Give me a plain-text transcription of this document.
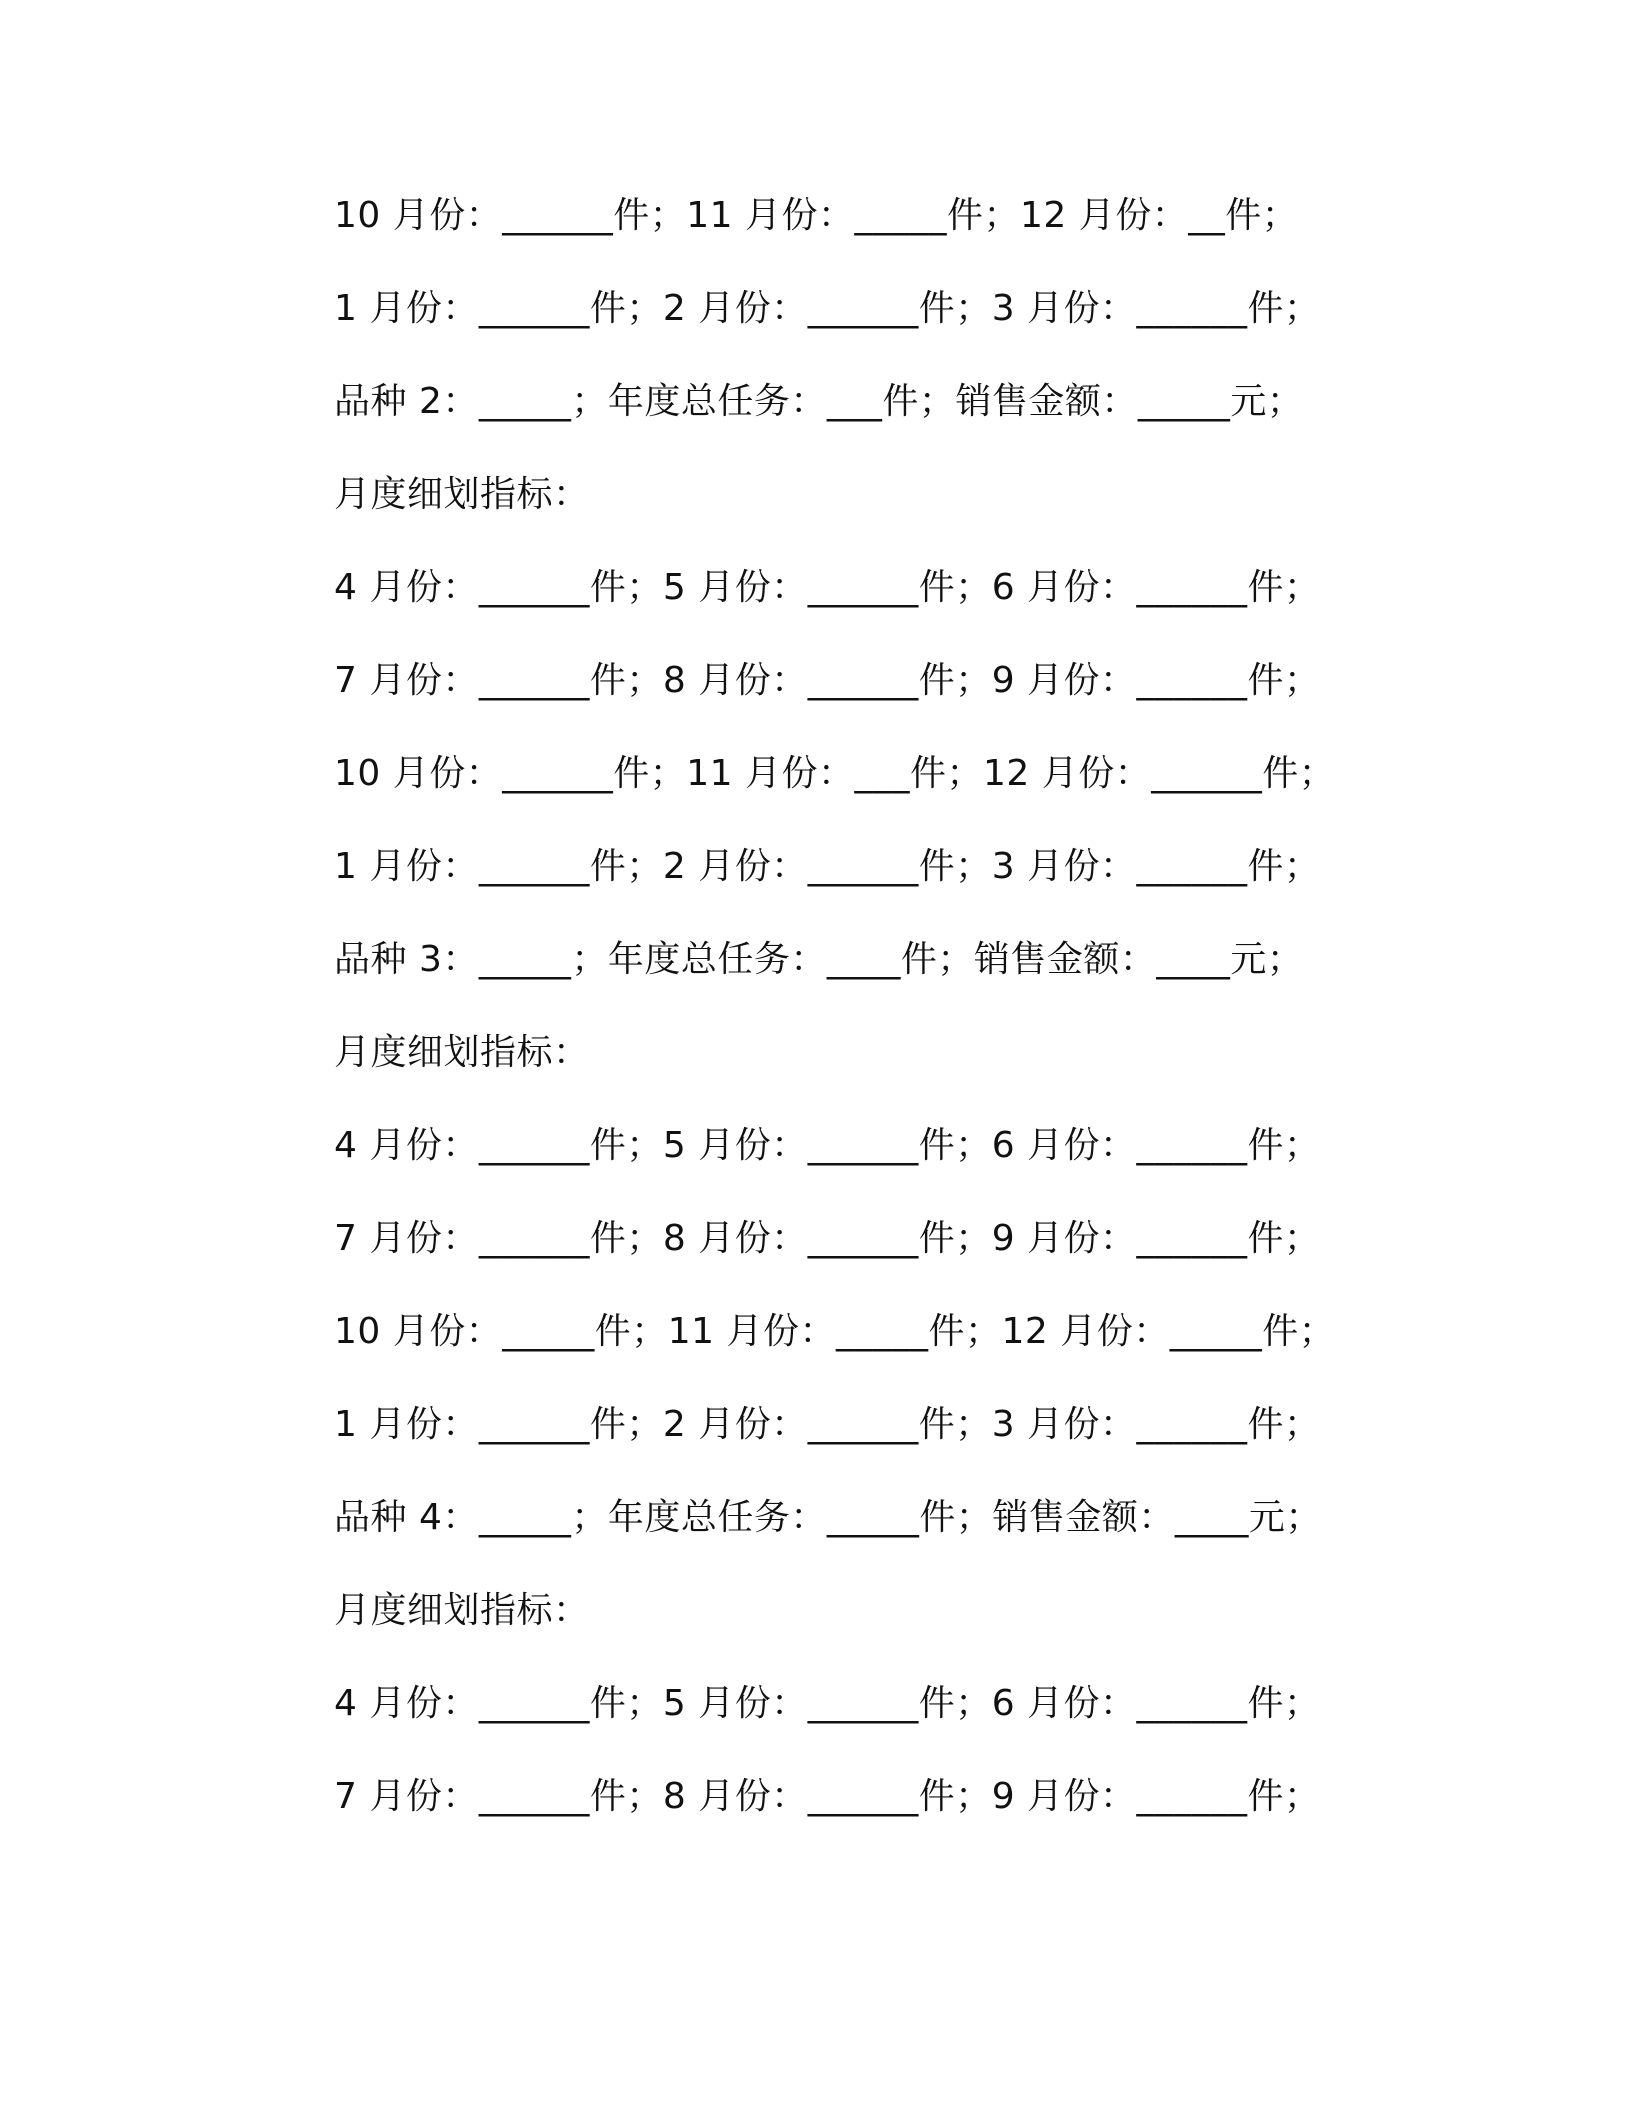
10 月份：______件；11 月份：_____件；12 月份：__件；
1 月份：______件；2 月份：______件；3 月份：______件；
品种 2：_____；年度总任务：___件；销售金额：_____元；
月度细划指标：
4 月份：______件；5 月份：______件；6 月份：______件；
7 月份：______件；8 月份：______件；9 月份：______件；
10 月份：______件；11 月份：___件；12 月份：______件；
1 月份：______件；2 月份：______件；3 月份：______件；
品种 3：_____；年度总任务：____件；销售金额：____元；
月度细划指标：
4 月份：______件；5 月份：______件；6 月份：______件；
7 月份：______件；8 月份：______件；9 月份：______件；
10 月份：_____件；11 月份：_____件；12 月份：_____件；
1 月份：______件；2 月份：______件；3 月份：______件；
品种 4：_____；年度总任务：_____件；销售金额：____元；
月度细划指标：
4 月份：______件；5 月份：______件；6 月份：______件；
7 月份：______件；8 月份：______件；9 月份：______件；
